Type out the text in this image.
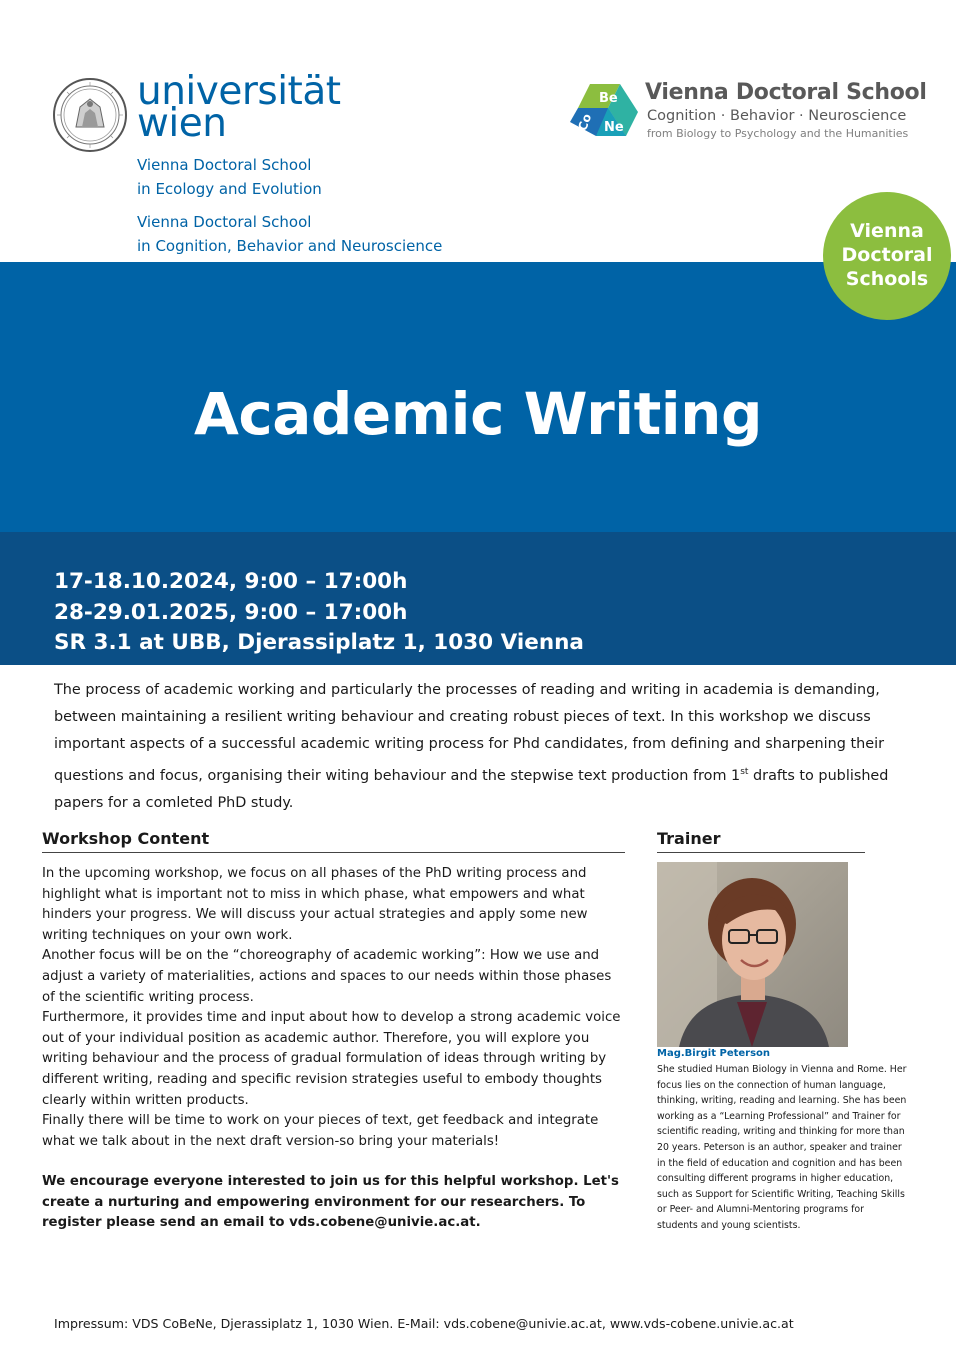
universität
wien
Vienna Doctoral School
in Ecology and Evolution
Vienna Doctoral School
in Cognition, Behavior and Neuroscience
Be
Co Ne
Vienna Doctoral School
Cognition · Behavior · Neuroscience
from Biology to Psychology and the Humanities
Academic Writing
Vienna
Doctoral
Schools
17-18.10.2024, 9:00 – 17:00h
28-29.01.2025, 9:00 – 17:00h
SR 3.1 at UBB, Djerassiplatz 1, 1030 Vienna

The process of academic working and particularly the processes of reading and writing in academia is demanding, between maintaining a resilient writing behaviour and creating robust pieces of text. In this workshop we discuss important aspects of a successful academic writing process for Phd candidates, from defining and sharpening their questions and focus, organising their witing behaviour and the stepwise text production from 1st drafts to published papers for a comleted PhD study.

Workshop Content

In the upcoming workshop, we focus on all phases of the PhD writing process and highlight what is important not to miss in which phase, what empowers and what hinders your progress. We will discuss your actual strategies and apply some new writing techniques on your own work.

Another focus will be on the “choreography of academic working”: How we use and adjust a variety of materialities, actions and spaces to our needs within those phases of the scientific writing process.

Furthermore, it provides time and input about how to develop a strong academic voice out of your individual position as academic author. Therefore, you will explore you writing behaviour and the process of gradual formulation of ideas through writing by different writing, reading and specific revision strategies useful to embody thoughts clearly within written products.

Finally there will be time to work on your pieces of text, get feedback and integrate what we talk about in the next draft version-so bring your materials!

We encourage everyone interested to join us for this helpful workshop. Let's create a nurturing and empowering environment for our researchers. To register please send an email to vds.cobene@univie.ac.at.

Trainer
Mag.Birgit Peterson

She studied Human Biology in Vienna and Rome. Her focus lies on the connection of human language, thinking, writing, reading and learning. She has been working as a “Learning Professional” and Trainer for scientific reading, writing and thinking for more than 20 years. Peterson is an author, speaker and trainer in the field of education and cognition and has been consulting different programs in higher education, such as Support for Scientific Writing, Teaching Skills or Peer- and Alumni-Mentoring programs for students and young scientists.

Impressum: VDS CoBeNe, Djerassiplatz 1, 1030 Wien. E-Mail: vds.cobene@univie.ac.at, www.vds-cobene.univie.ac.at
